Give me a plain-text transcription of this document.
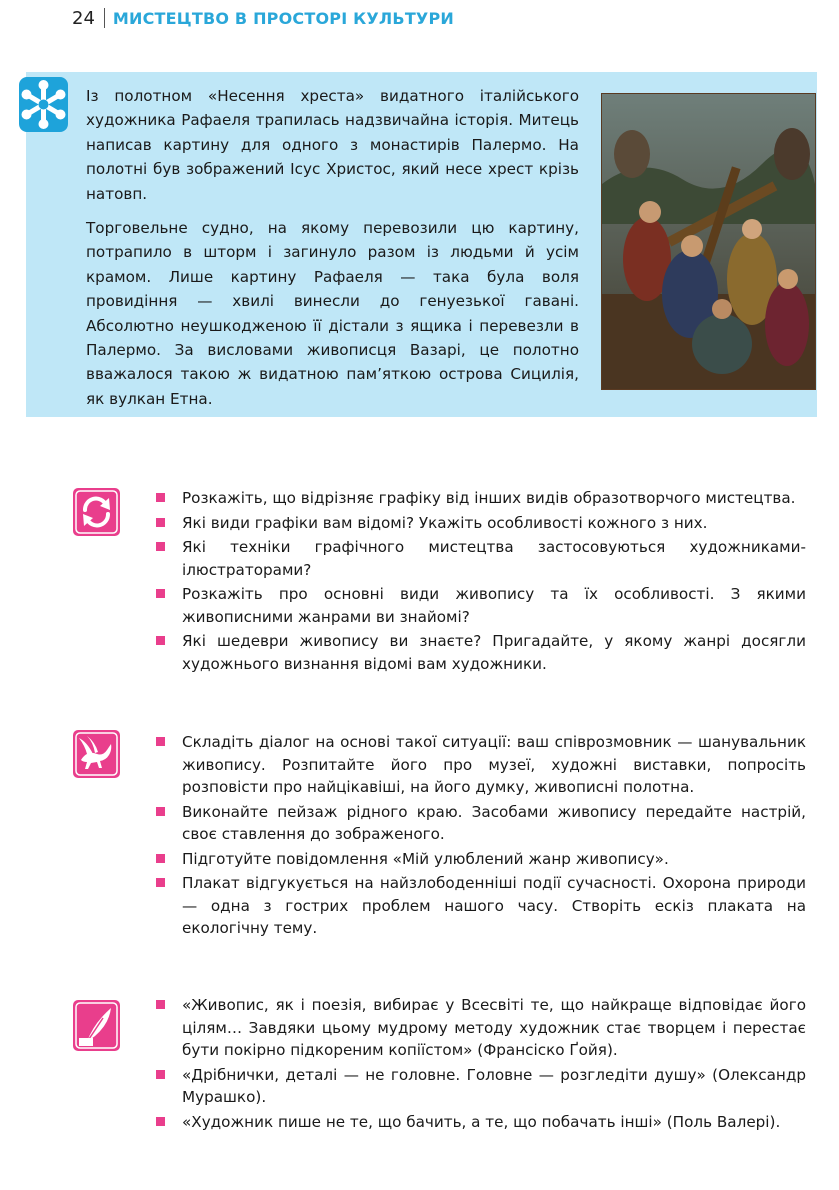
24 МИСТЕЦТВО В ПРОСТОРІ КУЛЬТУРИ

Із полотном «Несення хреста» видатного італійського художника Рафаеля трапилась надзвичайна історія. Митець написав картину для одного з монастирів Палермо. На полотні був зображений Ісус Христос, який несе хрест крізь натовп.

Торговельне судно, на якому перевозили цю картину, потрапило в шторм і загинуло разом із людьми й усім крамом. Лише картину Рафаеля — така була воля провидіння — хвилі винесли до генуезької гавані. Абсолютно неушкодженою її дістали з ящика і перевезли в Палермо. За висловами живописця Вазарі, це полотно вважалося такою ж видатною пам’яткою острова Сицилія, як вулкан Етна.

Розкажіть, що відрізняє графіку від інших видів образотворчого мистецтва.
Які види графіки вам відомі? Укажіть особливості кожного з них.
Які техніки графічного мистецтва застосовуються художниками-ілюстраторами?
Розкажіть про основні види живопису та їх особливості. З якими живописними жанрами ви знайомі?
Які шедеври живопису ви знаєте? Пригадайте, у якому жанрі досягли художнього визнання відомі вам художники.
Складіть діалог на основі такої ситуації: ваш співрозмовник — шанувальник живопису. Розпитайте його про музеї, художні виставки, попросіть розповісти про найцікавіші, на його думку, живописні полотна.
Виконайте пейзаж рідного краю. Засобами живопису передайте настрій, своє ставлення до зображеного.
Підготуйте повідомлення «Мій улюблений жанр живопису».
Плакат відгукується на найзлободенніші події сучасності. Охорона природи — одна з гострих проблем нашого часу. Створіть ескіз плаката на екологічну тему.
«Живопис, як і поезія, вибирає у Всесвіті те, що найкраще відповідає його цілям… Завдяки цьому мудрому методу художник стає творцем і перестає бути покірно підкореним копіїстом» (Франсіско Ґойя).
«Дрібнички, деталі — не головне. Головне — розгледіти душу» (Олександр Мурашко).
«Художник пише не те, що бачить, а те, що побачать інші» (Поль Валері).
